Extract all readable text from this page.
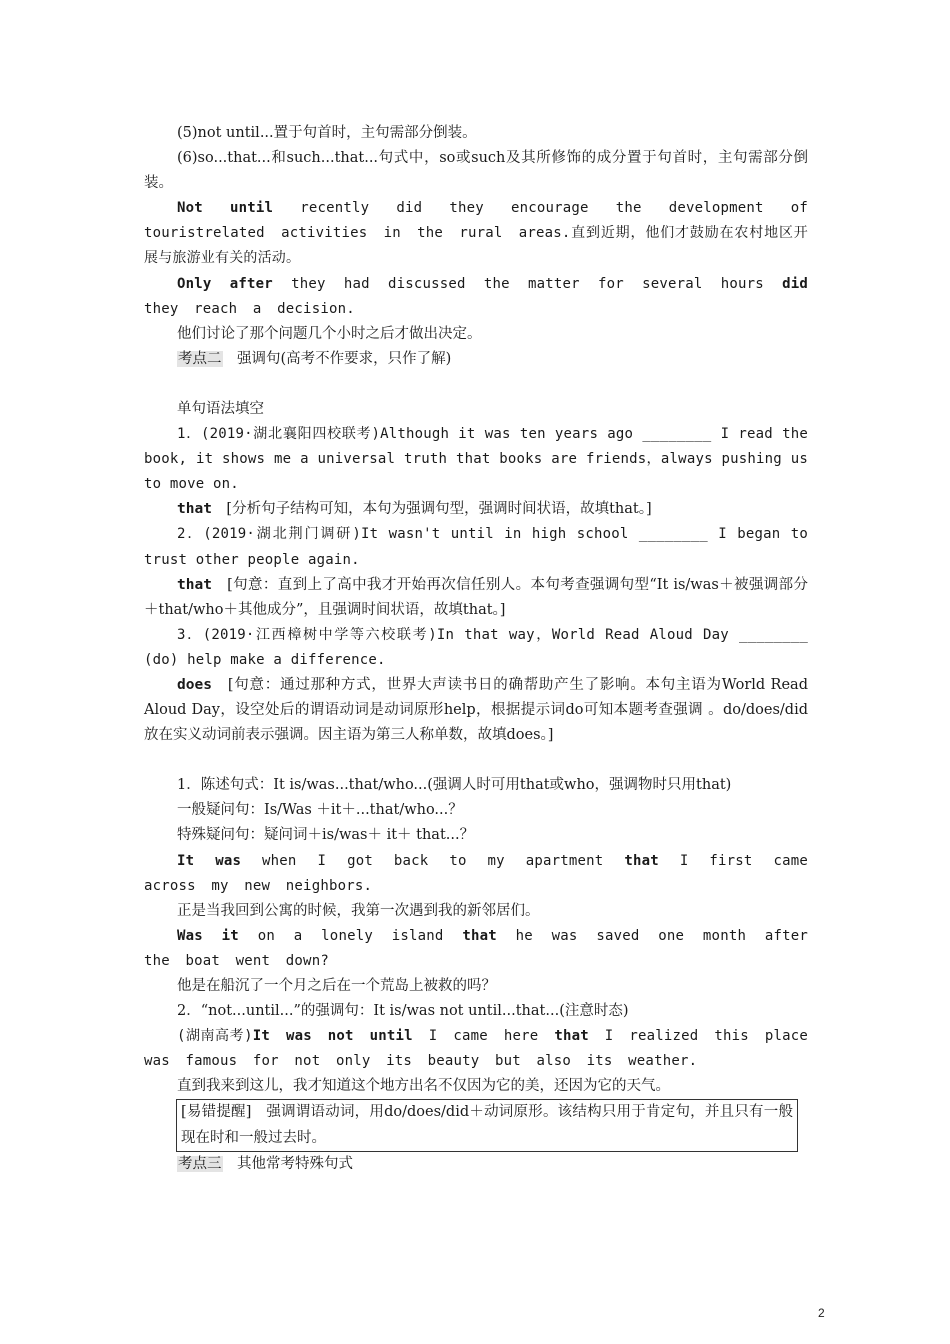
(5)not until...置于句首时，主句需部分倒装。

(6)so...that...和such...that...句式中，so或such及其所修饰的成分置于句首时，主句需部分倒装。

Not until recently did they encourage the development of touristrelated activities in the rural areas.直到近期，他们才鼓励在农村地区开展与旅游业有关的活动。

Only after they had discussed the matter for several hours did they reach a decision.

他们讨论了那个问题几个小时之后才做出决定。

考点二　 强调句(高考不作要求，只作了解)

单句语法填空

1．(2019·湖北襄阳四校联考)Although it was ten years ago ________ I read the book, it shows me a universal truth that books are friends，always pushing us to move on.

that　[分析句子结构可知，本句为强调句型，强调时间状语，故填that。]

2．(2019·湖北荆门调研)It wasn't until in high school ________ I began to trust other people again.

that　[句意：直到上了高中我才开始再次信任别人。本句考查强调句型“It is/was＋被强调部分＋that/who＋其他成分”，且强调时间状语，故填that。]

3．(2019·江西樟树中学等六校联考)In that way，World Read Aloud Day ________ (do) help make a difference.

does　[句意：通过那种方式，世界大声读书日的确帮助产生了影响。本句主语为World Read Aloud Day，设空处后的谓语动词是动词原形help，根据提示词do可知本题考查强调 。do/does/did放在实义动词前表示强调。因主语为第三人称单数，故填does。]

1．陈述句式：It is/was...that/who...(强调人时可用that或who，强调物时只用that)

一般疑问句：Is/Was ＋it＋...that/who...？

特殊疑问句：疑问词＋is/was＋ it＋ that...？

It was when I got back to my apartment that I first came across my new neighbors.

正是当我回到公寓的时候，我第一次遇到我的新邻居们。

Was it on a lonely island that he was saved one month after the boat went down?

他是在船沉了一个月之后在一个荒岛上被救的吗？

2．“not...until...”的强调句：It is/was not until...that...(注意时态)

(湖南高考)It was not until I came here that I realized this place was famous for not only its beauty but also its weather.

直到我来到这儿，我才知道这个地方出名不仅因为它的美，还因为它的天气。

[易错提醒]　强调谓语动词，用do/does/did＋动词原形。该结构只用于肯定句，并且只有一般现在时和一般过去时。

考点三　 其他常考特殊句式

2
